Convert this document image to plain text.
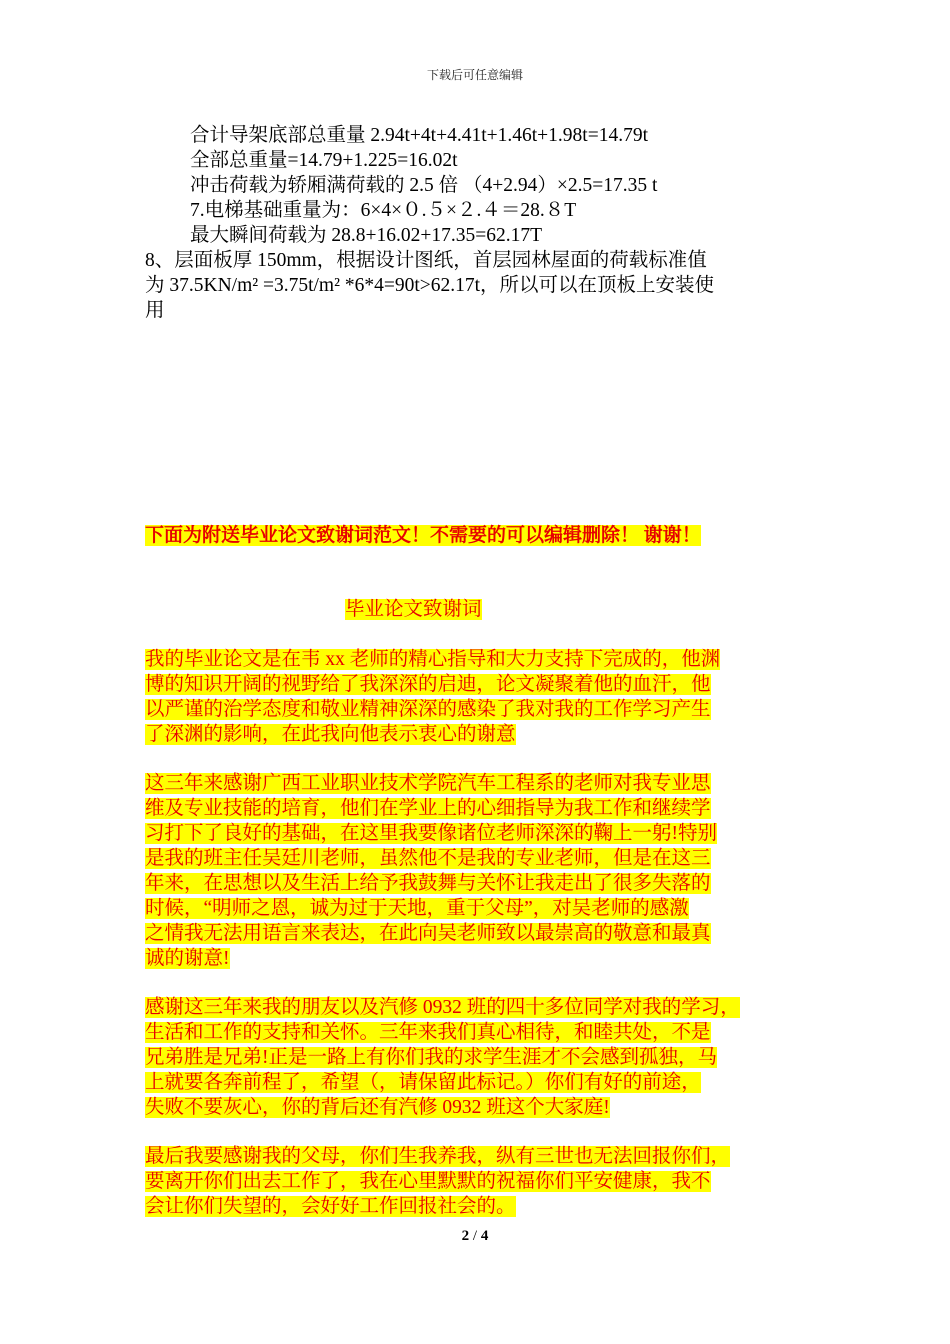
下载后可任意编辑
合计导架底部总重量 2.94t+4t+4.41t+1.46t+1.98t=14.79t
全部总重量=14.79+1.225=16.02t
冲击荷载为轿厢满荷载的 2.5 倍 （4+2.94）×2.5=17.35 t
7.电梯基础重量为：6×4×０.５×２.４＝28.８T
最大瞬间荷载为 28.8+16.02+17.35=62.17T
8、层面板厚 150mm，根据设计图纸，首层园林屋面的荷载标准值
为 37.5KN/m² =3.75t/m² *6*4=90t>62.17t，所以可以在顶板上安装使
用
下面为附送毕业论文致谢词范文！不需要的可以编辑删除！ 谢谢！
毕业论文致谢词
我的毕业论文是在韦 xx 老师的精心指导和大力支持下完成的，他渊
博的知识开阔的视野给了我深深的启迪，论文凝聚着他的血汗，他
以严谨的治学态度和敬业精神深深的感染了我对我的工作学习产生
了深渊的影响，在此我向他表示衷心的谢意
这三年来感谢广西工业职业技术学院汽车工程系的老师对我专业思
维及专业技能的培育，他们在学业上的心细指导为我工作和继续学
习打下了良好的基础，在这里我要像诸位老师深深的鞠上一躬!特别
是我的班主任吴廷川老师，虽然他不是我的专业老师，但是在这三
年来，在思想以及生活上给予我鼓舞与关怀让我走出了很多失落的
时候，“明师之恩，诚为过于天地，重于父母”，对吴老师的感激
之情我无法用语言来表达，在此向吴老师致以最崇高的敬意和最真
诚的谢意!
感谢这三年来我的朋友以及汽修 0932 班的四十多位同学对我的学习，
生活和工作的支持和关怀。三年来我们真心相待，和睦共处，不是
兄弟胜是兄弟!正是一路上有你们我的求学生涯才不会感到孤独，马
上就要各奔前程了，希望（，请保留此标记。）你们有好的前途，
失败不要灰心，你的背后还有汽修 0932 班这个大家庭!
最后我要感谢我的父母，你们生我养我，纵有三世也无法回报你们，
要离开你们出去工作了，我在心里默默的祝福你们平安健康，我不
会让你们失望的，会好好工作回报社会的。
2 / 4
